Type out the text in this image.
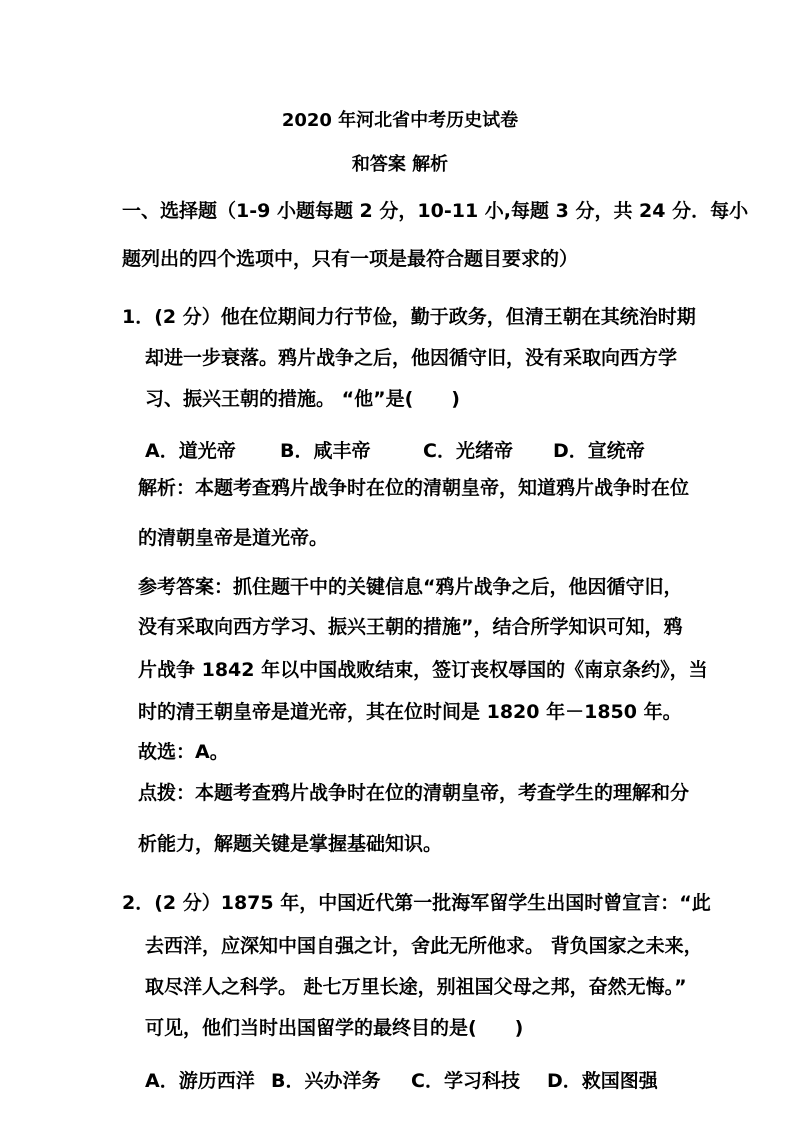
2020 年河北省中考历史试卷
和答案 解析
一、选择题（1-9 小题每题 2 分，10-11 小,每题 3 分，共 24 分．每小
题列出的四个选项中，只有一项是最符合题目要求的）
1．(2 分）他在位期间力行节俭，勤于政务，但清王朝在其统治时期
却进一步衰落。鸦片战争之后，他因循守旧，没有采取向西方学
习、振兴王朝的措施。 “他”是(　　)
A．道光帝 B．咸丰帝	C．光绪帝 D．宣统帝
解析：本题考查鸦片战争时在位的清朝皇帝，知道鸦片战争时在位
的清朝皇帝是道光帝。
参考答案：抓住题干中的关键信息“鸦片战争之后，他因循守旧，
没有采取向西方学习、振兴王朝的措施”，结合所学知识可知，鸦
片战争 1842 年以中国战败结束，签订丧权辱国的《南京条约》，当
时的清王朝皇帝是道光帝，其在位时间是 1820 年－1850 年。
故选：A。
点拨：本题考查鸦片战争时在位的清朝皇帝，考查学生的理解和分
析能力，解题关键是掌握基础知识。
2．(2 分）1875 年，中国近代第一批海军留学生出国时曾宣言：“此
去西洋，应深知中国自强之计，舍此无所他求。 背负国家之未来，
取尽洋人之科学。 赴七万里长途，别祖国父母之邦，奋然无悔。”
可见，他们当时出国留学的最终目的是(　　)
A．游历西洋 B．兴办洋务 C．学习科技 D．救国图强
